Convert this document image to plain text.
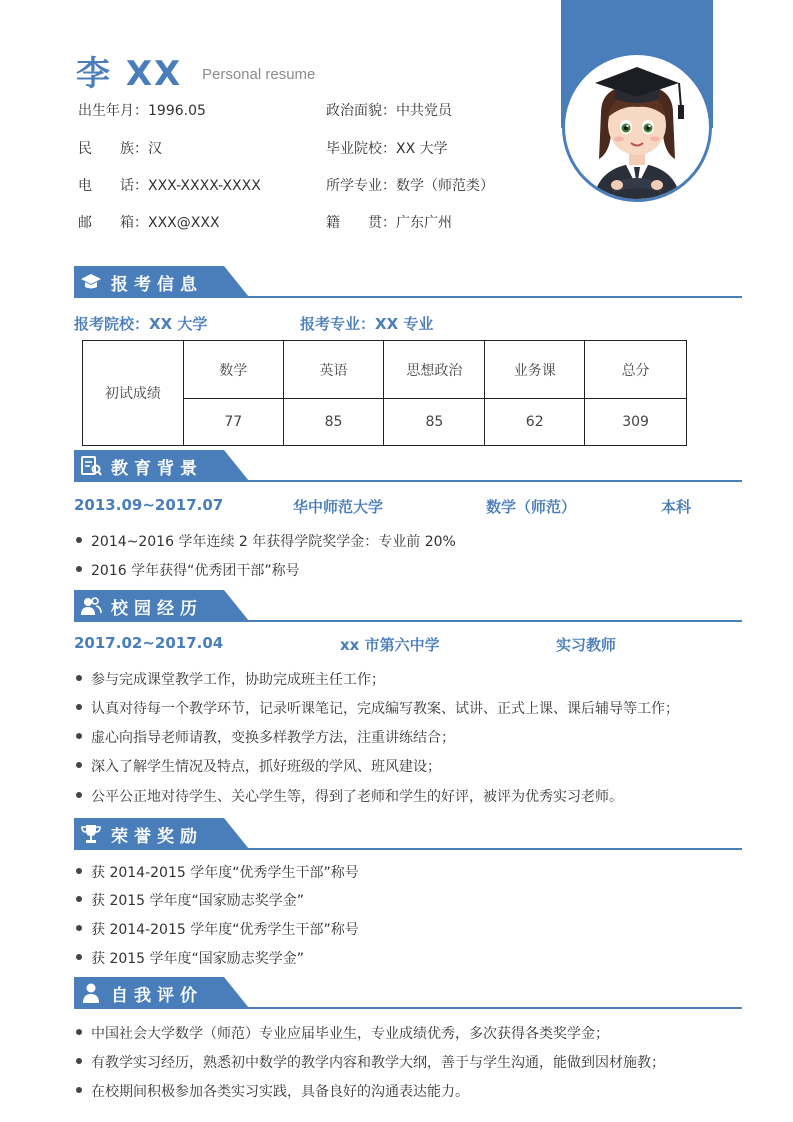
李 XX Personal resume
出生年月：1996.05	政治面貌：中共党员
民　　族：汉	毕业院校：XX 大学
电　　话：XXX-XXXX-XXXX	所学专业：数学（师范类）
邮　　箱：XXX@XXX	籍　　贯：广东广州
报考信息
报考院校：XX 大学	报考专业：XX 专业
初试成绩	数学	英语	思想政治	业务课	总分
	77	85	85	62	309
教育背景
2013.09~2017.07	华中师范大学	数学（师范）	本科
2014~2016 学年连续 2 年获得学院奖学金：专业前 20%
2016 学年获得“优秀团干部”称号
校园经历
2017.02~2017.04	xx 市第六中学	实习教师
参与完成课堂教学工作，协助完成班主任工作；
认真对待每一个教学环节，记录听课笔记，完成编写教案、试讲、正式上课、课后辅导等工作；
虚心向指导老师请教，变换多样教学方法，注重讲练结合；
深入了解学生情况及特点，抓好班级的学风、班风建设；
公平公正地对待学生、关心学生等，得到了老师和学生的好评，被评为优秀实习老师。
荣誉奖励
获 2014-2015 学年度“优秀学生干部”称号
获 2015 学年度“国家励志奖学金”
获 2014-2015 学年度“优秀学生干部”称号
获 2015 学年度“国家励志奖学金”
自我评价
中国社会大学数学（师范）专业应届毕业生，专业成绩优秀，多次获得各类奖学金；
有教学实习经历，熟悉初中数学的教学内容和教学大纲，善于与学生沟通，能做到因材施教；
在校期间积极参加各类实习实践，具备良好的沟通表达能力。
